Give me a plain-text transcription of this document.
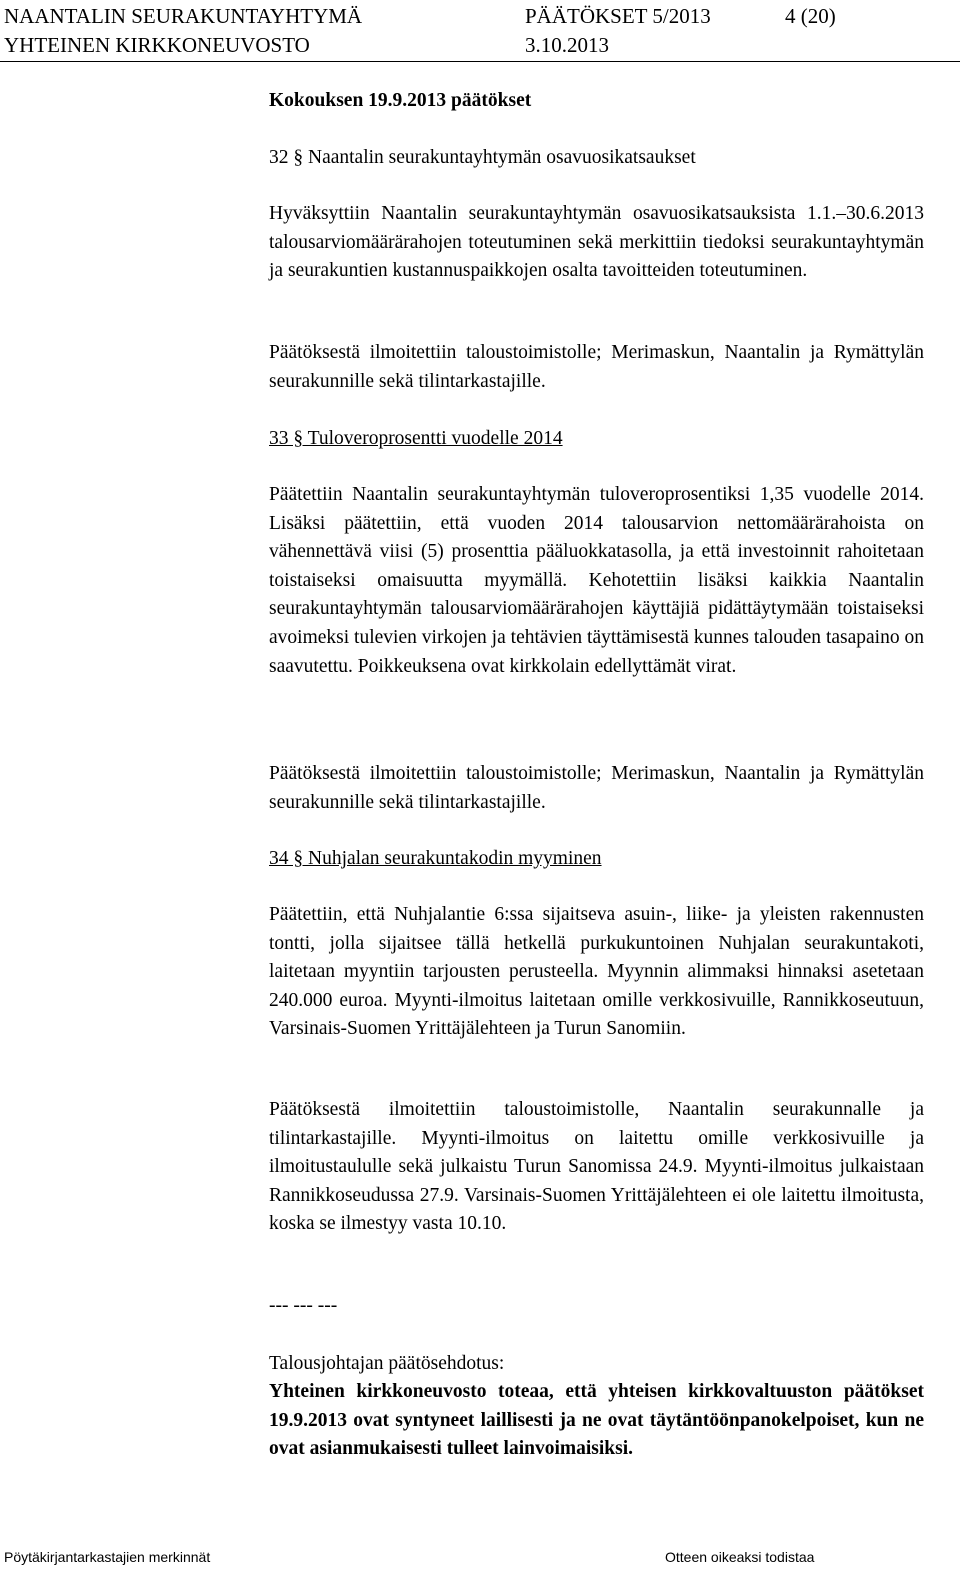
NAANTALIN SEURAKUNTAYHTYMÄ	PÄÄTÖKSET 5/2013	4 (20)
YHTEINEN KIRKKONEUVOSTO	3.10.2013

Kokouksen 19.9.2013 päätökset

32 § Naantalin seurakuntayhtymän osavuosikatsaukset

Hyväksyttiin Naantalin seurakuntayhtymän osavuosikatsauksista 1.1.–30.6.2013 talousarviomäärärahojen toteutuminen sekä merkittiin tiedoksi seurakuntayhtymän ja seurakuntien kustannuspaikkojen osalta tavoitteiden toteutuminen.

Päätöksestä ilmoitettiin taloustoimistolle; Merimaskun, Naantalin ja Rymättylän seurakunnille sekä tilintarkastajille.

33 § Tuloveroprosentti vuodelle 2014

Päätettiin Naantalin seurakuntayhtymän tuloveroprosentiksi 1,35 vuodelle 2014. Lisäksi päätettiin, että vuoden 2014 talousarvion nettomäärärahoista on vähennettävä viisi (5) prosenttia pääluokkatasolla, ja että investoinnit rahoitetaan toistaiseksi omaisuutta myymällä. Kehotettiin lisäksi kaikkia Naantalin seurakuntayhtymän talousarviomäärärahojen käyttäjiä pidättäytymään toistaiseksi avoimeksi tulevien virkojen ja tehtävien täyttämisestä kunnes talouden tasapaino on saavutettu. Poikkeuksena ovat kirkkolain edellyttämät virat.

Päätöksestä ilmoitettiin taloustoimistolle; Merimaskun, Naantalin ja Rymättylän seurakunnille sekä tilintarkastajille.

34 § Nuhjalan seurakuntakodin myyminen

Päätettiin, että Nuhjalantie 6:ssa sijaitseva asuin-, liike- ja yleisten rakennusten tontti, jolla sijaitsee tällä hetkellä purkukuntoinen Nuhjalan seurakuntakoti, laitetaan myyntiin tarjousten perusteella. Myynnin alimmaksi hinnaksi asetetaan 240.000 euroa. Myynti-ilmoitus laitetaan omille verkkosivuille, Rannikkoseutuun, Varsinais-Suomen Yrittäjälehteen ja Turun Sanomiin.

Päätöksestä ilmoitettiin taloustoimistolle, Naantalin seurakunnalle ja tilintarkastajille. Myynti-ilmoitus on laitettu omille verkkosivuille ja ilmoitustaululle sekä julkaistu Turun Sanomissa 24.9. Myynti-ilmoitus julkaistaan Rannikkoseudussa 27.9. Varsinais-Suomen Yrittäjälehteen ei ole laitettu ilmoitusta, koska se ilmestyy vasta 10.10.

--- --- ---
Talousjohtajan päätösehdotus:

Yhteinen kirkkoneuvosto toteaa, että yhteisen kirkkovaltuuston päätökset 19.9.2013 ovat syntyneet laillisesti ja ne ovat täytäntöönpanokelpoiset, kun ne ovat asianmukaisesti tulleet lainvoimaisiksi.

Pöytäkirjantarkastajien merkinnät	Otteen oikeaksi todistaa
